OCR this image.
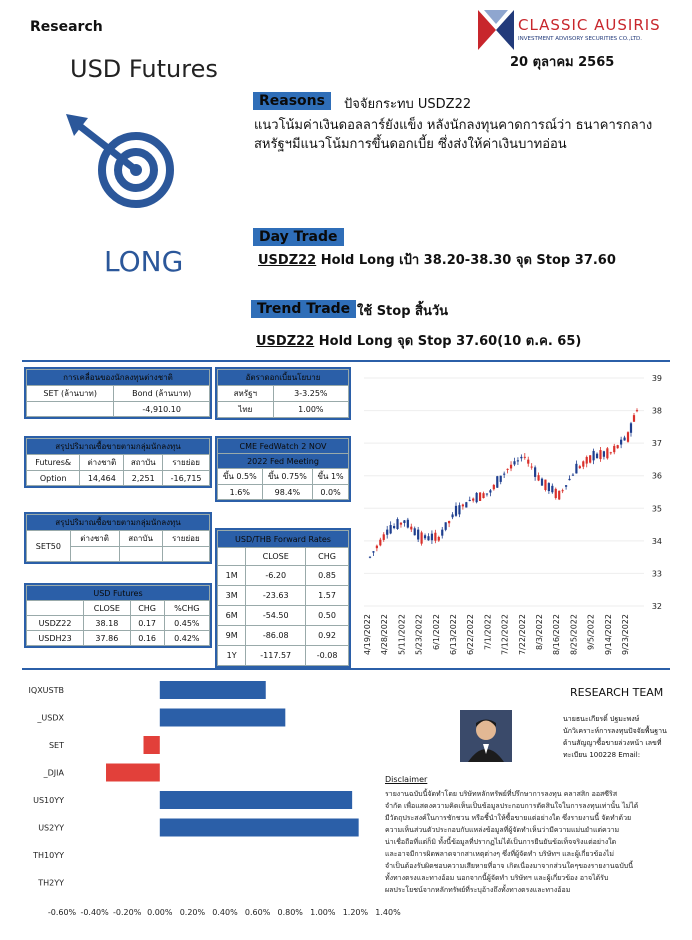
Research
USD Futures
CLASSIC AUSIRIS
INVESTMENT ADVISORY SECURITIES CO.,LTD.
20 ตุลาคม 2565
LONG
Reasons	ปัจจัยกระทบ USDZ22
แนวโน้มค่าเงินดอลลาร์ยังแข็ง หลังนักลงทุนคาดการณ์ว่า ธนาคารกลาง
สหรัฐฯมีแนวโน้มการขึ้นดอกเบี้ย ซึ่งส่งให้ค่าเงินบาทอ่อน
Day Trade
USDZ22 Hold Long เป้า 38.20-38.30 จุด Stop 37.60
Trend Trade ใช้ Stop สิ้นวัน
USDZ22 Hold Long จุด Stop 37.60(10 ต.ค. 65)
การเคลื่อนของนักลงทุนต่างชาติ	
SET (ล้านบาท)	Bond (ล้านบาท)
	-4,910.10
อัตราดอกเบี้ยนโยบาย	
สหรัฐฯ	3-3.25%
ไทย	1.00%
สรุปปริมาณซื้อขายตามกลุ่มนักลงทุน			
Futures&	ต่างชาติ	สถาบัน	รายย่อย
Option	14,464	2,251	-16,715
CME FedWatch 2 NOV		
2022 Fed Meeting		
ขึ้น 0.5%	ขึ้น 0.75%	ขึ้น 1%
1.6%	98.4%	0.0%
สรุปปริมาณซื้อขายตามกลุ่มนักลงทุน			
SET50	ต่างชาติ	สถาบัน	รายย่อย

USD Futures			
	CLOSE	CHG	%CHG
USDZ22	38.18	0.17	0.45%
USDH23	37.86	0.16	0.42%
USD/THB Forward Rates		
	CLOSE	CHG
1M	-6.20	0.85
3M	-23.63	1.57
6M	-54.50	0.50
9M	-86.08	0.92
1Y	-117.57	-0.08
32
33
34
35
36
37
38
39
4/19/2022 4/28/2022 5/11/2022 5/23/2022 6/1/2022 6/13/2022 6/22/2022 7/1/2022 7/12/2022 7/22/2022 8/3/2022 8/16/2022 8/25/2022 9/5/2022 9/14/2022 9/23/2022
IQXUSTB
_USDX
SET
_DJIA
US10YY
US2YY
TH10YY
TH2YY
-0.60% -0.40% -0.20% 0.00% 0.20% 0.40% 0.60% 0.80% 1.00% 1.20% 1.40%
RESEARCH TEAM
นายธนะเกียรติ์ ปฐมะพงษ์
นักวิเคราะห์การลงทุนปัจจัยพื้นฐาน
ด้านสัญญาซื้อขายล่วงหน้า เลขที่
ทะเบียน 100228 Email:
Disclaimer
รายงานฉบับนี้จัดทำโดย บริษัทหลักทรัพย์ที่ปรึกษาการลงทุน คลาสสิก ออสซีริส
จำกัด เพื่อแสดงความคิดเห็นเป็นข้อมูลประกอบการตัดสินใจในการลงทุนเท่านั้น ไม่ได้
มีวัตถุประสงค์ในการชักชวน หรือชี้นำให้ซื้อขายแต่อย่างใด ซึ่งรายงานนี้ จัดทำด้วย
ความเห็นส่วนตัวประกอบกับแหล่งข้อมูลที่ผู้จัดทำเห็นว่ามีความแม่นยำแต่ความ
น่าเชื่อถือที่แต่ก็มิ ทั้งนี้ข้อมูลที่ปรากฏไม่ได้เป็นการยืนยันข้อเท็จจริงแต่อย่างใด
และอาจมีการผิดพลาดจากสาเหตุต่างๆ ซึ่งที่ผู้จัดทำ บริษัทฯ และผู้เกี่ยวข้องไม่
จำเป็นต้องรับผิดชอบความเสียหายที่อาจ เกิดเนื่องมาจากส่วนใดๆของรายงานฉบับนี้
ทั้งทางตรงและทางอ้อม นอกจากนี้ผู้จัดทำ บริษัทฯ และผู้เกี่ยวข้อง อาจได้รับ
ผลประโยชน์จากหลักทรัพย์ที่ระบุอ้างถึงทั้งทางตรงและทางอ้อม
